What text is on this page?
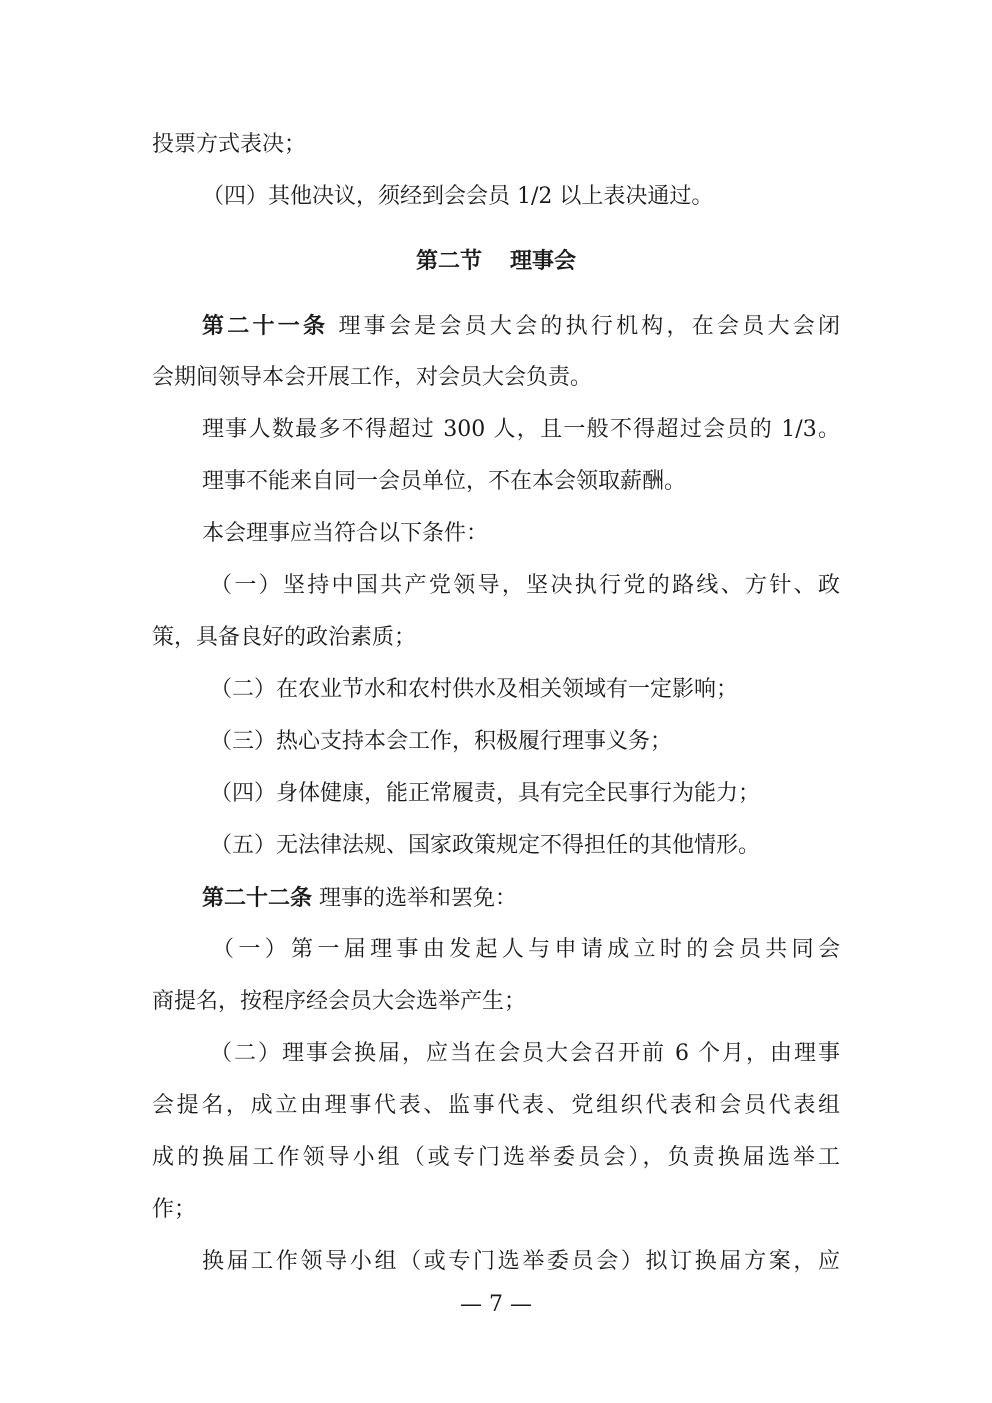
投票方式表决；
（四）其他决议，须经到会会员 1/2 以上表决通过。
第二节 理事会
第二十一条 理事会是会员大会的执行机构，在会员大会闭
会期间领导本会开展工作，对会员大会负责。
理事人数最多不得超过 300 人，且一般不得超过会员的 1/3。
理事不能来自同一会员单位，不在本会领取薪酬。
本会理事应当符合以下条件：
（一）坚持中国共产党领导，坚决执行党的路线、方针、政
策，具备良好的政治素质；
（二）在农业节水和农村供水及相关领域有一定影响；
（三）热心支持本会工作，积极履行理事义务；
（四）身体健康，能正常履责，具有完全民事行为能力；
（五）无法律法规、国家政策规定不得担任的其他情形。
第二十二条 理事的选举和罢免：
（一）第一届理事由发起人与申请成立时的会员共同会
商提名，按程序经会员大会选举产生；
（二）理事会换届，应当在会员大会召开前 6 个月，由理事
会提名，成立由理事代表、监事代表、党组织代表和会员代表组
成的换届工作领导小组（或专门选举委员会），负责换届选举工
作；
换届工作领导小组（或专门选举委员会）拟订换届方案，应
— 7 —
